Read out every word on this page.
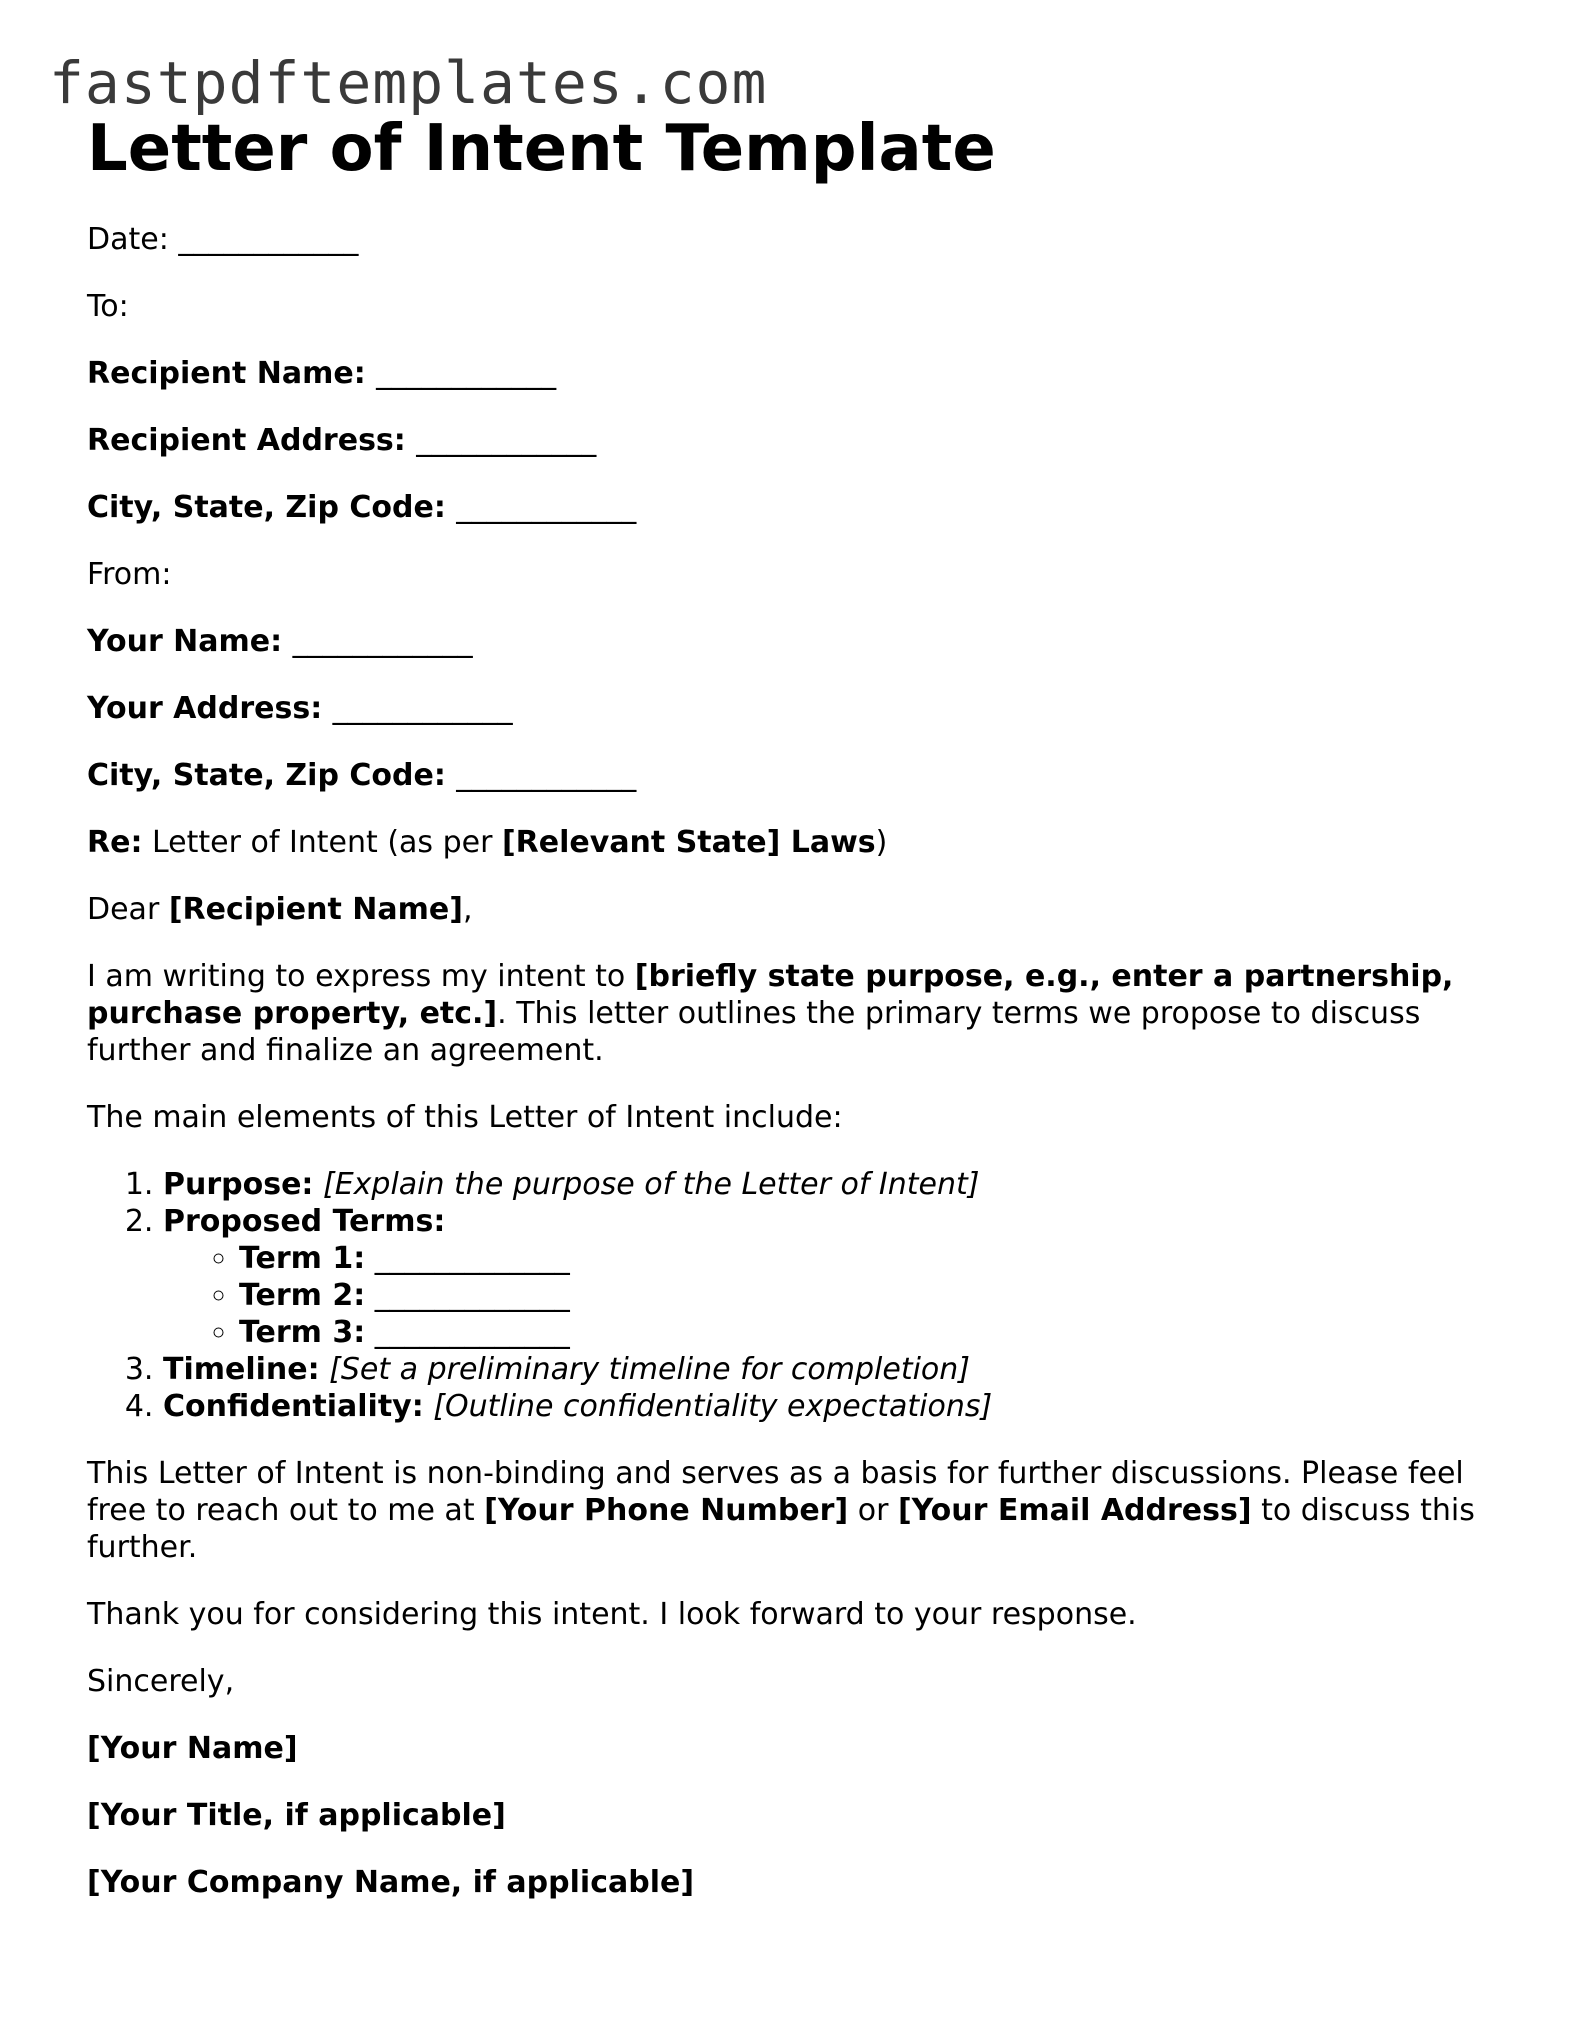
fastpdftemplates.com
Letter of Intent Template

Date: ____________

To:

Recipient Name: ____________

Recipient Address: ____________

City, State, Zip Code: ____________

From:

Your Name: ____________

Your Address: ____________

City, State, Zip Code: ____________

Re: Letter of Intent (as per [Relevant State] Laws)

Dear [Recipient Name],

I am writing to express my intent to [briefly state purpose, e.g., enter a partnership, purchase property, etc.]. This letter outlines the primary terms we propose to discuss further and finalize an agreement.

The main elements of this Letter of Intent include:

1. Purpose: [Explain the purpose of the Letter of Intent]
2. Proposed Terms:
◦ Term 1: _____________
◦ Term 2: _____________
◦ Term 3: _____________
3. Timeline: [Set a preliminary timeline for completion]
4. Confidentiality: [Outline confidentiality expectations]

This Letter of Intent is non-binding and serves as a basis for further discussions. Please feel free to reach out to me at [Your Phone Number] or [Your Email Address] to discuss this further.

Thank you for considering this intent. I look forward to your response.

Sincerely,

[Your Name]

[Your Title, if applicable]

[Your Company Name, if applicable]
